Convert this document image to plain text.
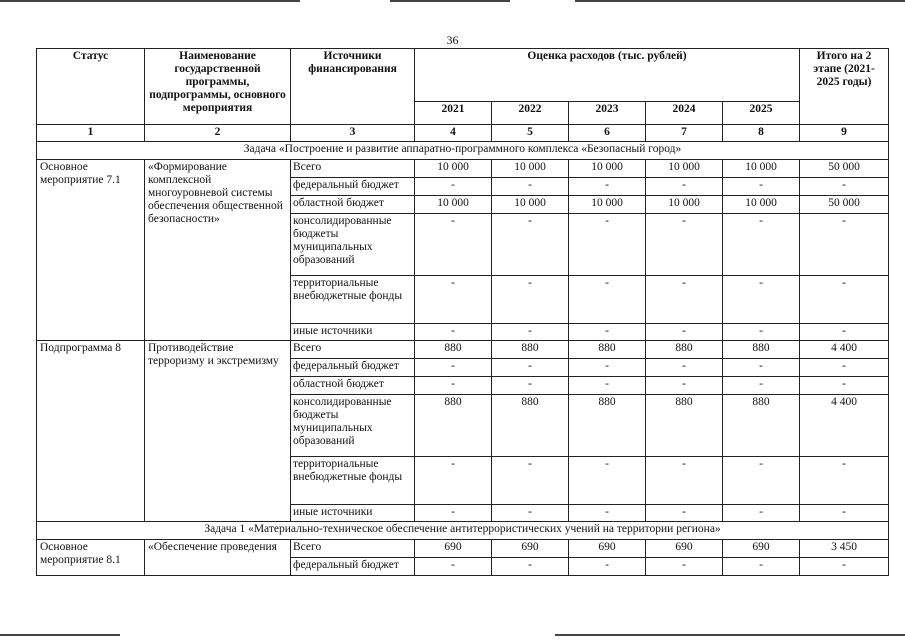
36
Статус	Наименование государственной программы, подпрограммы, основного мероприятия	Источники финансирования	Оценка расходов (тыс. рублей)					Итого на 2 этапе (2021-2025 годы)
			2021	2022	2023	2024	2025	
1	2	3	4	5	6	7	8	9
Задача «Построение и развитие аппаратно-программного комплекса «Безопасный город»								
Основное мероприятие 7.1	«Формирование комплексной многоуровневой системы обеспечения общественной безопасности»	Всего	10 000	10 000	10 000	10 000	10 000	50 000
		федеральный бюджет	-	-	-	-	-	-
		областной бюджет	10 000	10 000	10 000	10 000	10 000	50 000
		консолидированные бюджеты муниципальных образований	-	-	-	-	-	-
		территориальные внебюджетные фонды	-	-	-	-	-	-
		иные источники	-	-	-	-	-	-
Подпрограмма 8	Противодействие терроризму и экстремизму	Всего	880	880	880	880	880	4 400
		федеральный бюджет	-	-	-	-	-	-
		областной бюджет	-	-	-	-	-	-
		консолидированные бюджеты муниципальных образований	880	880	880	880	880	4 400
		территориальные внебюджетные фонды	-	-	-	-	-	-
		иные источники	-	-	-	-	-	-
Задача 1 «Материально-техническое обеспечение антитеррористических учений на территории региона»								
Основное мероприятие 8.1	«Обеспечение проведения	Всего	690	690	690	690	690	3 450
		федеральный бюджет	-	-	-	-	-	-
